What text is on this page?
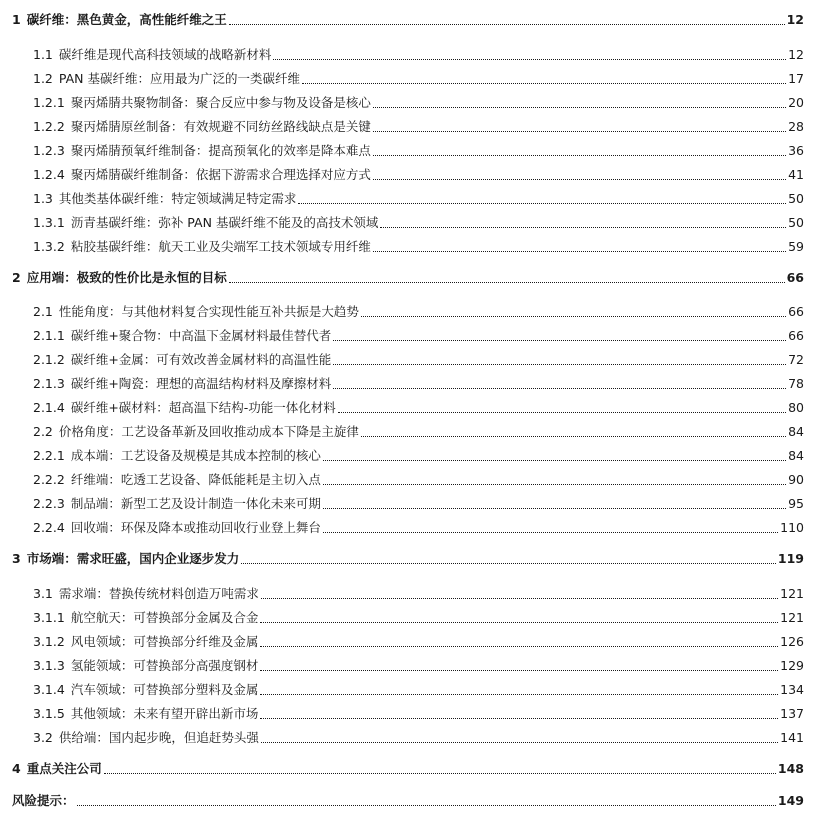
1 碳纤维：黑色黄金，高性能纤维之王	12
1.1 碳纤维是现代高科技领域的战略新材料	12
1.2 PAN 基碳纤维：应用最为广泛的一类碳纤维	17
1.2.1 聚丙烯腈共聚物制备：聚合反应中参与物及设备是核心	20
1.2.2 聚丙烯腈原丝制备：有效规避不同纺丝路线缺点是关键	28
1.2.3 聚丙烯腈预氧纤维制备：提高预氧化的效率是降本难点	36
1.2.4 聚丙烯腈碳纤维制备：依据下游需求合理选择对应方式	41
1.3 其他类基体碳纤维：特定领域满足特定需求	50
1.3.1 沥青基碳纤维：弥补 PAN 基碳纤维不能及的高技术领域	50
1.3.2 粘胶基碳纤维：航天工业及尖端军工技术领域专用纤维	59
2 应用端：极致的性价比是永恒的目标	66
2.1 性能角度：与其他材料复合实现性能互补共振是大趋势	66
2.1.1 碳纤维+聚合物：中高温下金属材料最佳替代者	66
2.1.2 碳纤维+金属：可有效改善金属材料的高温性能	72
2.1.3 碳纤维+陶瓷：理想的高温结构材料及摩擦材料	78
2.1.4 碳纤维+碳材料：超高温下结构-功能一体化材料	80
2.2 价格角度：工艺设备革新及回收推动成本下降是主旋律	84
2.2.1 成本端：工艺设备及规模是其成本控制的核心	84
2.2.2 纤维端：吃透工艺设备、降低能耗是主切入点	90
2.2.3 制品端：新型工艺及设计制造一体化未来可期	95
2.2.4 回收端：环保及降本或推动回收行业登上舞台	110
3 市场端：需求旺盛，国内企业逐步发力	119
3.1 需求端：替换传统材料创造万吨需求	121
3.1.1 航空航天：可替换部分金属及合金	121
3.1.2 风电领域：可替换部分纤维及金属	126
3.1.3 氢能领域：可替换部分高强度钢材	129
3.1.4 汽车领域：可替换部分塑料及金属	134
3.1.5 其他领域：未来有望开辟出新市场	137
3.2 供给端：国内起步晚，但追赶势头强	141
4 重点关注公司	148
风险提示：	149
